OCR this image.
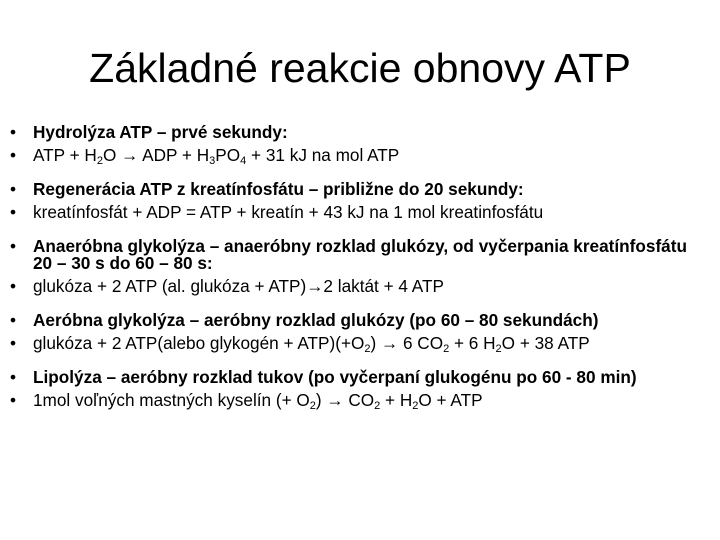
Základné reakcie obnovy ATP
• Hydrolýza ATP – prvé sekundy:
• ATP + $H_2O$ → ADP + $H_3PO_4 + 31$ kJ na mol ATP
• Regenerácia ATP z kreatínfosfátu – približne do 20 sekundy:
• kreatínfosfát + ADP = ATP + kreatín + 43 kJ na 1 mol kreatinfosfátu
• Anaeróbna glykolýza – anaeróbny rozklad glukózy, od vyčerpania kreatínfosfátu 20 – 30 s do 60 – 80 s:
• glukóza + 2 ATP (al. glukóza + ATP)→2 laktát + 4 ATP
• Aeróbna glykolýza – aeróbny rozklad glukózy (po 60 – 80 sekundách)
• glukóza + 2 ATP(alebo glykogén + $ATP)(+O_2) \to 6$ $CO_2 + 6$ $H_2O + 38$ ATP
• Lipolýza – aeróbny rozklad tukov (po vyčerpaní glukogénu po 60 - 80 min)
• 1mol voľných mastných kyselín (+ $O_2) \to CO_2 + H_2O$ + ATP
